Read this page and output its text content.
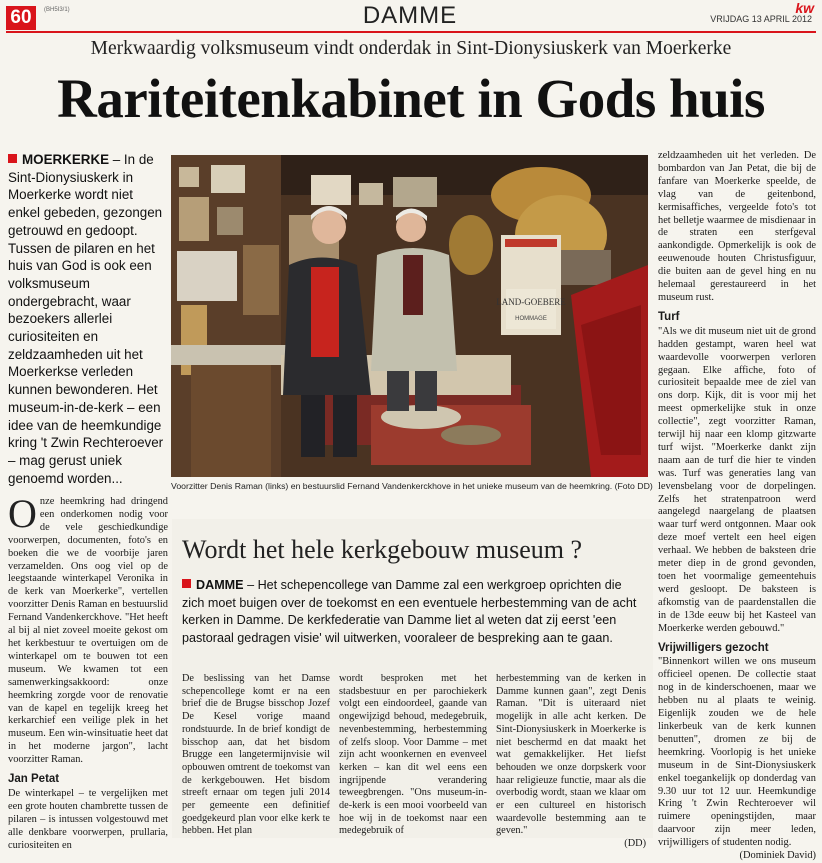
60	(BH5I3/1)	DAMME	kw
VRIJDAG 13 APRIL 2012
Merkwaardig volksmuseum vindt onderdak in Sint-Dionysiuskerk van Moerkerke
Rariteitenkabinet in Gods huis
MOERKERKE – In de Sint-Dionysiuskerk in Moerkerke wordt niet enkel gebeden, gezongen getrouwd en gedoopt. Tussen de pilaren en het huis van God is ook een volksmuseum ondergebracht, waar bezoekers allerlei curiositeiten en zeldzaamheden uit het Moerkerkse verleden kunnen bewonderen. Het museum-in-de-kerk – een idee van de heemkundige kring 't Zwin Rechteroever – mag gerust uniek genoemd worden...
LAND-GOEBERE
HOMMAGE
Voorzitter Denis Raman (links) en bestuurslid Fernand Vandenkerckhove in het unieke museum van de heemkring. (Foto DD)

zeldzaamheden uit het verleden. De bombardon van Jan Petat, die bij de fanfare van Moerkerke speelde, de vlag van de geitenbond, kermisaffiches, vergeelde foto's tot het belletje waarmee de misdienaar in de straten een sterfgeval aankondigde. Opmerkelijk is ook de eeuwenoude houten Christusfiguur, die buiten aan de gevel hing en nu helemaal gerestaureerd in het museum rust.

Turf

"Als we dit museum niet uit de grond hadden gestampt, waren heel wat waardevolle voorwerpen verloren gegaan. Elke affiche, foto of curiositeit bepaalde mee de ziel van ons dorp. Kijk, dit is voor mij het meest opmerkelijke stuk in onze collectie", zegt voorzitter Raman, terwijl hij naar een klomp gitzwarte turf wijst. "Moerkerke dankt zijn naam aan de turf die hier te vinden was. Turf was generaties lang van levensbelang voor de dorpelingen. Zelfs het stratenpatroon werd aangelegd naargelang de plaatsen waar turf werd ontgonnen. Maar ook deze moef vertelt een heel eigen verhaal. We hebben de baksteen drie meter diep in de grond gevonden, toen het voormalige gemeentehuis werd gesloopt. De baksteen is afkomstig van de paardenstallen die in de 13de eeuw bij het Kasteel van Moerkerke werden gebouwd."

Vrijwilligers gezocht

"Binnenkort willen we ons museum officieel openen. De collectie staat nog in de kinderschoenen, maar we hebben nu al plaats te weinig. Eigenlijk zouden we de hele linkerbeuk van de kerk kunnen benutten", dromen ze bij de heemkring. Voorlopig is het unieke museum in de Sint-Dionysiuskerk enkel toegankelijk op donderdag van 9.30 uur tot 12 uur. Heemkundige Kring 't Zwin Rechteroever wil ruimere openingstijden, maar daarvoor zijn meer leden, vrijwilligers of studenten nodig.

(Dominiek David)

Onze heemkring had dringend een onderkomen nodig voor de vele geschiedkundige voorwerpen, documenten, foto's en boeken die we de voorbije jaren verzamelden. Ons oog viel op de leegstaande winterkapel Veronika in de kerk van Moerkerke", vertellen voorzitter Denis Raman en bestuurslid Fernand Vandenkerckhove. "Het heeft al bij al niet zoveel moeite gekost om het kerkbestuur te overtuigen om de winterkapel om te bouwen tot een museum. We kwamen tot een samenwerkingsakkoord: onze heemkring zorgde voor de renovatie van de kapel en tegelijk kreeg het kerkarchief een veilige plek in het museum. Een win-winsituatie heet dat in het moderne jargon", lacht voorzitter Raman.

Jan Petat

De winterkapel – te vergelijken met een grote houten chambrette tussen de pilaren – is intussen volgestouwd met alle denkbare voorwerpen, prullaria, curiositeiten en

Wordt het hele kerkgebouw museum ?
DAMME – Het schepencollege van Damme zal een werkgroep oprichten die zich moet buigen over de toekomst en een eventuele herbestemming van de acht kerken in Damme. De kerkfederatie van Damme liet al weten dat zij eerst 'een pastoraal gedragen visie' wil uitwerken, vooraleer de bespreking aan te gaan.
De beslissing van het Damse schepencollege komt er na een brief die de Brugse bisschop Jozef De Kesel vorige maand rondstuurde. In de brief kondigt de bisschop aan, dat het bisdom Brugge een langetermijnvisie wil opbouwen omtrent de toekomst van de kerkgebouwen. Het bisdom streeft ernaar om tegen juli 2014 per gemeente een definitief goedgekeurd plan voor elke kerk te hebben. Het plan
wordt besproken met het stadsbestuur en per parochiekerk volgt een eindoordeel, gaande van ongewijzigd behoud, medegebruik, nevenbestemming, herbestemming of zelfs sloop. Voor Damme – met zijn acht woonkernen en evenveel kerken – kan dit wel eens een ingrijpende verandering teweegbrengen. "Ons museum-in-de-kerk is een mooi voorbeeld van hoe wij in de toekomst naar een medegebruik of
herbestemming van de kerken in Damme kunnen gaan", zegt Denis Raman. "Dit is uiteraard niet mogelijk in alle acht kerken. De Sint-Dionysiuskerk in Moerkerke is niet beschermd en dat maakt het wat gemakkelijker. Het liefst behouden we onze dorpskerk voor haar religieuze functie, maar als die overbodig wordt, staan we klaar om er een cultureel en historisch waardevolle bestemming aan te geven."
(DD)
